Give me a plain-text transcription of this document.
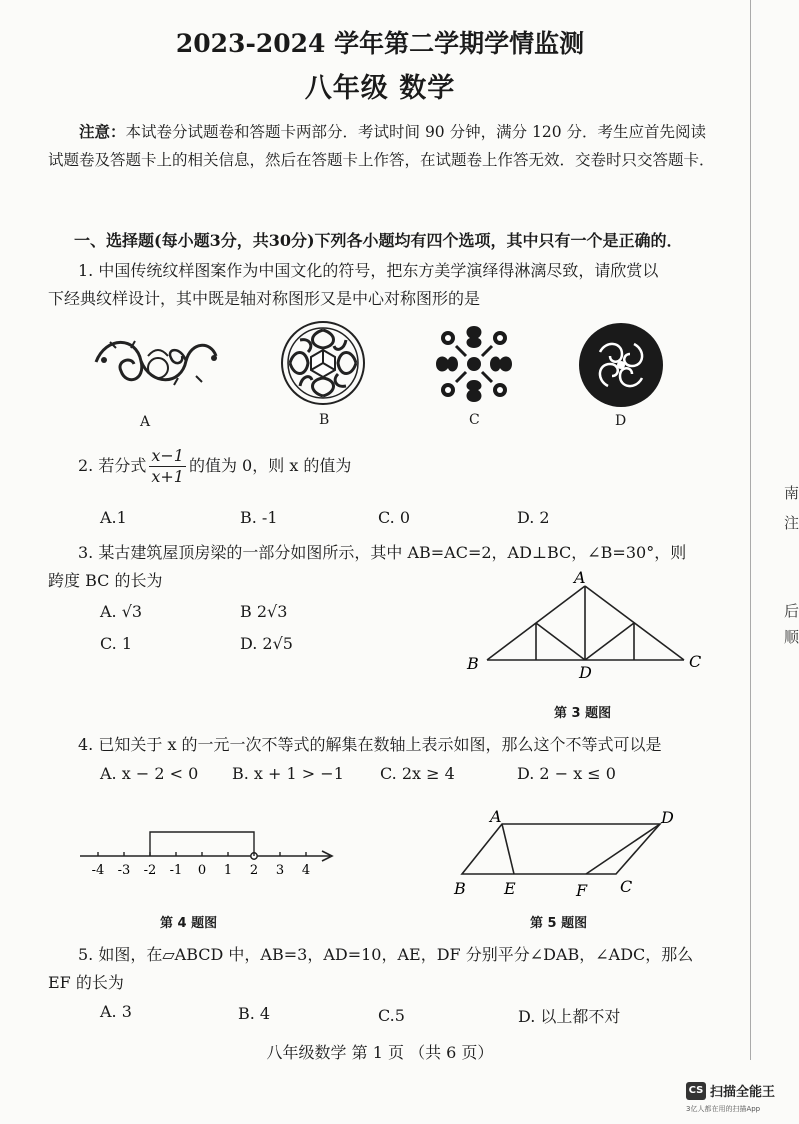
2023-2024 学年第二学期学情监测
八年级 数学
注意：本试卷分试题卷和答题卡两部分．考试时间 90 分钟，满分 120 分．考生应首先阅读试题卷及答题卡上的相关信息，然后在答题卡上作答，在试题卷上作答无效．交卷时只交答题卡．
一、选择题(每小题3分，共30分)下列各小题均有四个选项，其中只有一个是正确的．
1. 中国传统纹样图案作为中国文化的符号，把东方美学演绎得淋漓尽致，请欣赏以
下经典纹样设计，其中既是轴对称图形又是中心对称图形的是
A	B	C	D
2. 若分式 $\frac{x-1}{x+1}$ 的值为 0，则 x 的值为
A.1	B. -1	C. 0	D. 2
3. 某古建筑屋顶房梁的一部分如图所示，其中 AB=AC=2，AD⊥BC，∠B=30°，则
跨度 BC 的长为
A. √3	B 2√3
C. 1	D. 2√5
A
B	C
D
第 3 题图
4. 已知关于 x 的一元一次不等式的解集在数轴上表示如图，那么这个不等式可以是
A. x − 2 < 0 B. x + 1 > −1 C. 2x ≥ 4	D. 2 − x ≤ 0
-4 -3 -2 -1 0 1 2 3 4
第 4 题图
A	D
B E	F C
第 5 题图
5. 如图，在▱ABCD 中，AB=3，AD=10，AE，DF 分别平分∠DAB，∠ADC，那么
EF 的长为
A. 3	B. 4	C.5	D. 以上都不对
八年级数学 第 1 页 （共 6 页）
南
注
后
顺
CS 扫描全能王
3亿人都在用的扫描App
